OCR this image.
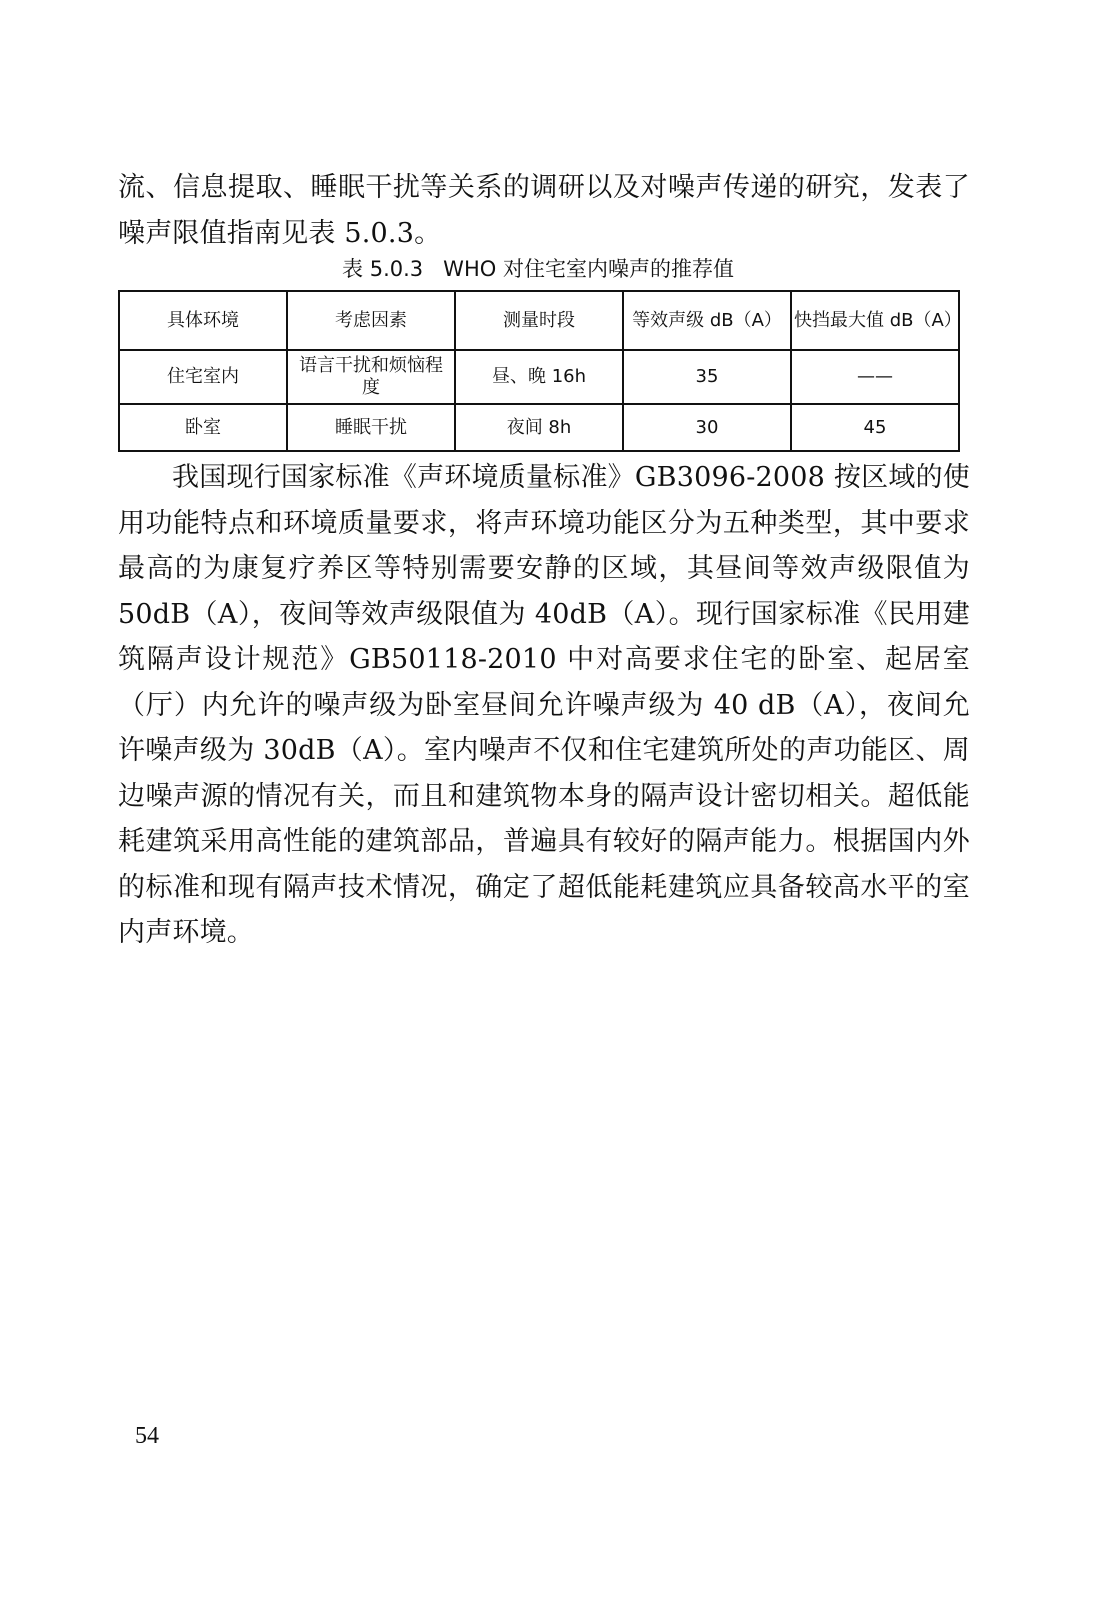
流、信息提取、睡眠干扰等关系的调研以及对噪声传递的研究，发表了噪声限值指南见表 5.0.3。

表 5.0.3   WHO 对住宅室内噪声的推荐值
具体环境	考虑因素	测量时段	等效声级 dB（A）	快挡最大值 dB（A）
住宅室内	语言干扰和烦恼程度	昼、晚 16h	35	——
卧室	睡眠干扰	夜间 8h	30	45

我国现行国家标准《声环境质量标准》GB3096-2008 按区域的使用功能特点和环境质量要求，将声环境功能区分为五种类型，其中要求最高的为康复疗养区等特别需要安静的区域，其昼间等效声级限值为 50dB（A），夜间等效声级限值为 40dB（A）。现行国家标准《民用建筑隔声设计规范》GB50118-2010 中对高要求住宅的卧室、起居室（厅）内允许的噪声级为卧室昼间允许噪声级为 40 dB（A），夜间允许噪声级为 30dB（A）。室内噪声不仅和住宅建筑所处的声功能区、周边噪声源的情况有关，而且和建筑物本身的隔声设计密切相关。超低能耗建筑采用高性能的建筑部品，普遍具有较好的隔声能力。根据国内外的标准和现有隔声技术情况，确定了超低能耗建筑应具备较高水平的室内声环境。

54
